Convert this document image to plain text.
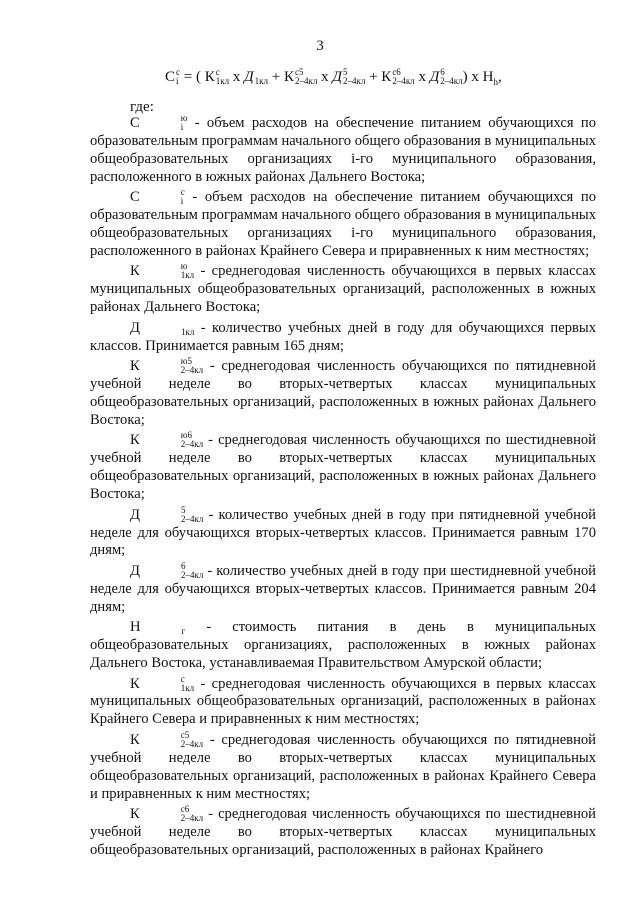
3
C с
i = ( К с
1кл x Д
1кл + К с5
2–4кл x Д 5
2–4кл + К с6
2–4кл x Д 6
2–4кл ) x $Н_h$,
где:

C	ю
i - объем расходов на обеспечение питанием обучающихся по образовательным программам начального общего образования в муниципальных общеобразовательных организациях i-го муниципального образования, расположенного в южных районах Дальнего Востока;

C	с
i - объем расходов на обеспечение питанием обучающихся по образовательным программам начального общего образования в муниципальных общеобразовательных организациях i-го муниципального образования, расположенного в районах Крайнего Севера и приравненных к ним местностях;

К	ю
1кл - среднегодовая численность обучающихся в первых классах муниципальных общеобразовательных организаций, расположенных в южных районах Дальнего Востока;

Д
	1кл - количество учебных дней в году для обучающихся первых классов. Принимается равным 165 дням;

К	ю5
2–4кл - среднегодовая численность обучающихся по пятидневной учебной неделе во вторых-четвертых классах муниципальных общеобразовательных организаций, расположенных в южных районах Дальнего Востока;

К	ю6
2–4кл - среднегодовая численность обучающихся по шестидневной учебной неделе во вторых-четвертых классах муниципальных общеобразовательных организаций, расположенных в южных районах Дальнего Востока;

Д	5
2–4кл - количество учебных дней в году при пятидневной учебной неделе для обучающихся вторых-четвертых классов. Принимается равным 170 дням;

Д	6
2–4кл - количество учебных дней в году при шестидневной учебной неделе для обучающихся вторых-четвертых классов. Принимается равным 204 дням;

Н
	г - стоимость питания в день в муниципальных общеобразовательных организациях, расположенных в южных районах Дальнего Востока, устанавливаемая Правительством Амурской области;

К	с
1кл - среднегодовая численность обучающихся в первых классах муниципальных общеобразовательных организаций, расположенных в районах Крайнего Севера и приравненных к ним местностях;

К	с5
2–4кл - среднегодовая численность обучающихся по пятидневной учебной неделе во вторых-четвертых классах муниципальных общеобразовательных организаций, расположенных в районах Крайнего Севера и приравненных к ним местностях;

К	с6
2–4кл - среднегодовая численность обучающихся по шестидневной учебной неделе во вторых-четвертых классах муниципальных общеобразовательных организаций, расположенных в районах Крайнего
